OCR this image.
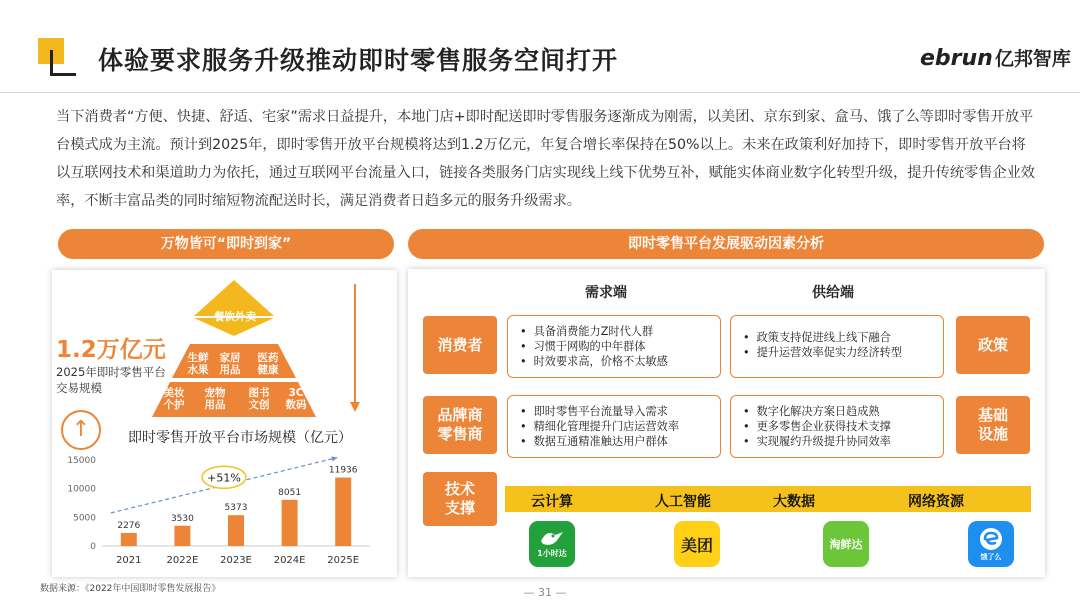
体验要求服务升级推动即时零售服务空间打开	ebrun 亿邦智库
当下消费者“方便、快捷、舒适、宅家”需求日益提升，本地门店+即时配送即时零售服务逐渐成为刚需，以美团、京东到家、盒马、饿了么等即时零售开放平台模式成为主流。预计到2025年，即时零售开放平台规模将达到1.2万亿元，年复合增长率保持在50%以上。未来在政策利好加持下，即时零售开放平台将以互联网技术和渠道助力为依托，通过互联网平台流量入口，链接各类服务门店实现线上线下优势互补，赋能实体商业数字化转型升级，提升传统零售企业效率，不断丰富品类的同时缩短物流配送时长，满足消费者日趋多元的服务升级需求。
万物皆可“即时到家”	即时零售平台发展驱动因素分析
1.2万亿元
2025年即时零售平台交易规模
餐饮外卖
生鲜
水果
家居
用品
医药
健康
美妆
个护
宠物
用品
图书
文创
3C
数码
↑	即时零售开放平台市场规模（亿元）
0
5000
10000
15000
2276
2021
3530
2022E
5373
2023E
8051
2024E
11936
2025E
+51%
需求端	供给端
消费者
品牌商
零售商
技术
支撑
政策
基础
设施
• 具备消费能力Z时代人群
• 习惯于网购的中年群体
• 时效要求高，价格不太敏感
• 政策支持促进线上线下融合
• 提升运营效率促实力经济转型
• 即时零售平台流量导入需求
• 精细化管理提升门店运营效率
• 数据互通精准触达用户群体
• 数字化解决方案日趋成熟
• 更多零售企业获得技术支撑
• 实现履约升级提升协同效率
云计算	人工智能	大数据	网络资源
1小时达	美团	淘鲜达
饿了么
数据来源：《2022年中国即时零售发展报告》	— 31 —
